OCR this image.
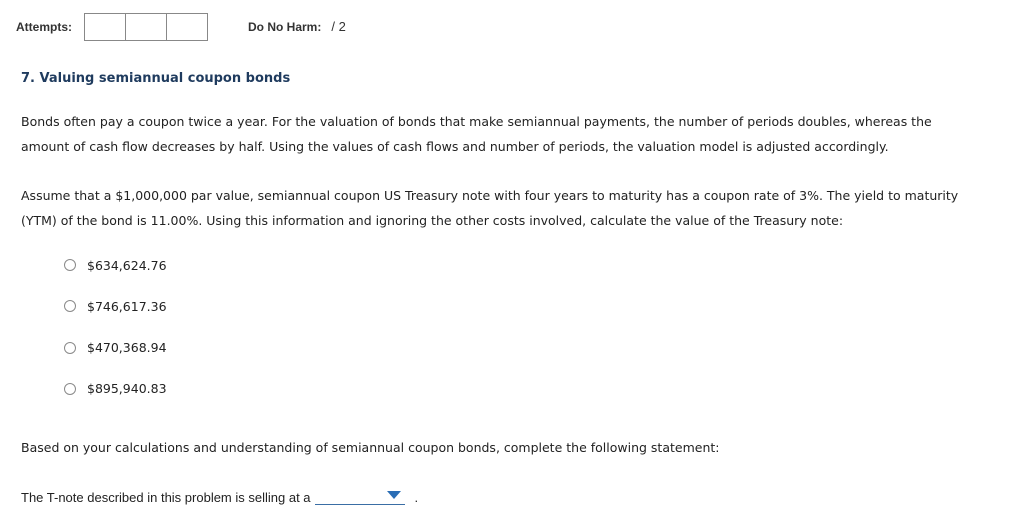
Attempts:	Do No Harm: / 2
7. Valuing semiannual coupon bonds

Bonds often pay a coupon twice a year. For the valuation of bonds that make semiannual payments, the number of periods doubles, whereas the amount of cash flow decreases by half. Using the values of cash flows and number of periods, the valuation model is adjusted accordingly.

Assume that a $1,000,000 par value, semiannual coupon US Treasury note with four years to maturity has a coupon rate of 3%. The yield to maturity (YTM) of the bond is 11.00%. Using this information and ignoring the other costs involved, calculate the value of the Treasury note:

$634,624.76
$746,617.36
$470,368.94
$895,940.83

Based on your calculations and understanding of semiannual coupon bonds, complete the following statement:

The T-note described in this problem is selling at a	.
